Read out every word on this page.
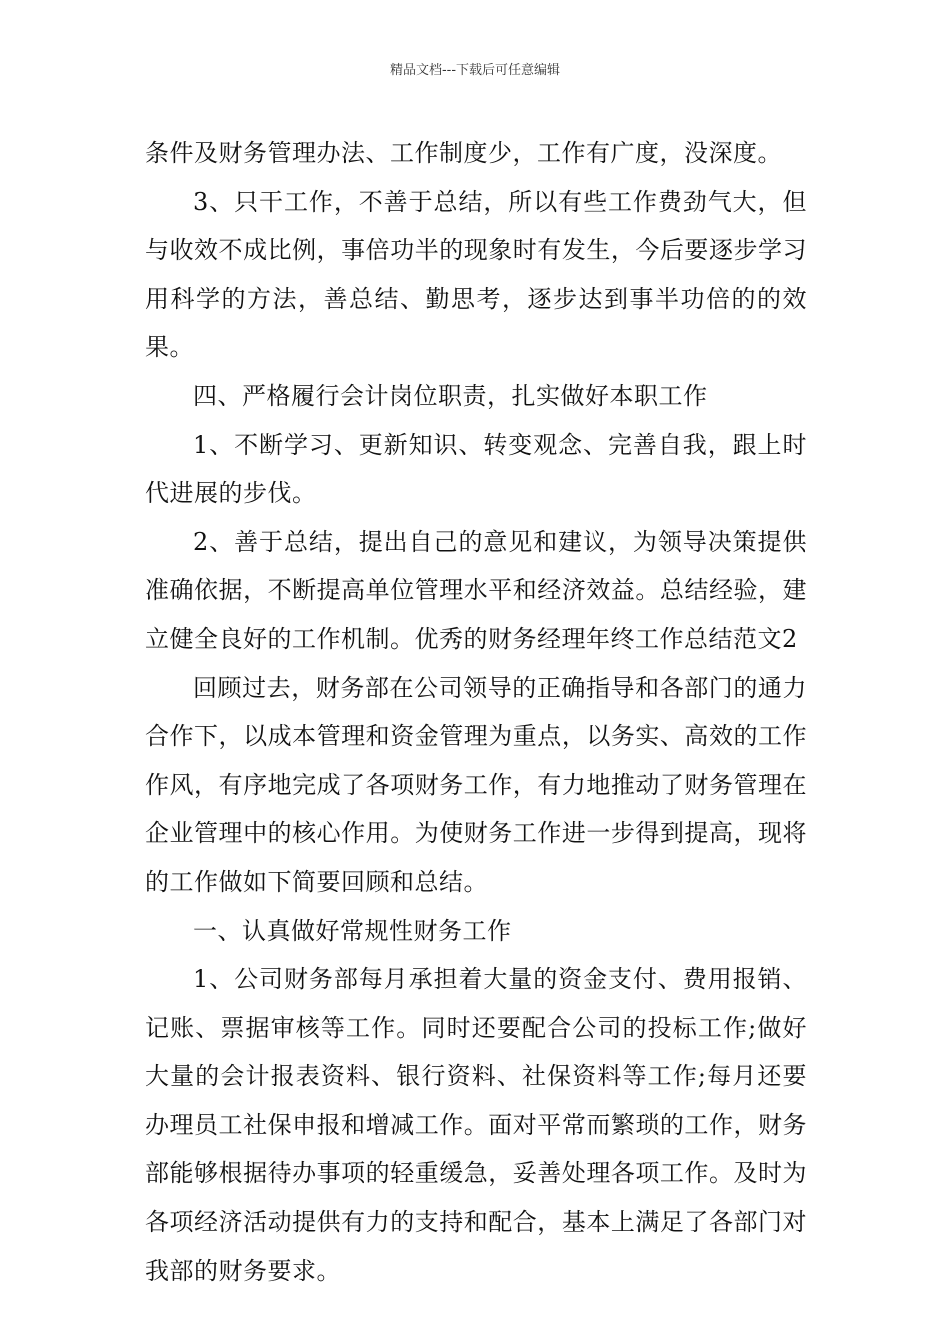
精品文档---下载后可任意编辑

条件及财务管理办法、工作制度少，工作有广度，没深度。

3、只干工作，不善于总结，所以有些工作费劲气大，但与收效不成比例，事倍功半的现象时有发生，今后要逐步学习用科学的方法，善总结、勤思考，逐步达到事半功倍的的效果。

四、严格履行会计岗位职责，扎实做好本职工作

1、不断学习、更新知识、转变观念、完善自我，跟上时代进展的步伐。

2、善于总结，提出自己的意见和建议，为领导决策提供准确依据，不断提高单位管理水平和经济效益。总结经验，建立健全良好的工作机制。优秀的财务经理年终工作总结范文2

回顾过去，财务部在公司领导的正确指导和各部门的通力合作下，以成本管理和资金管理为重点，以务实、高效的工作作风，有序地完成了各项财务工作，有力地推动了财务管理在企业管理中的核心作用。为使财务工作进一步得到提高，现将的工作做如下简要回顾和总结。

一、认真做好常规性财务工作

1、公司财务部每月承担着大量的资金支付、费用报销、记账、票据审核等工作。同时还要配合公司的投标工作;做好大量的会计报表资料、银行资料、社保资料等工作;每月还要办理员工社保申报和增减工作。面对平常而繁琐的工作，财务部能够根据待办事项的轻重缓急，妥善处理各项工作。及时为各项经济活动提供有力的支持和配合，基本上满足了各部门对我部的财务要求。
